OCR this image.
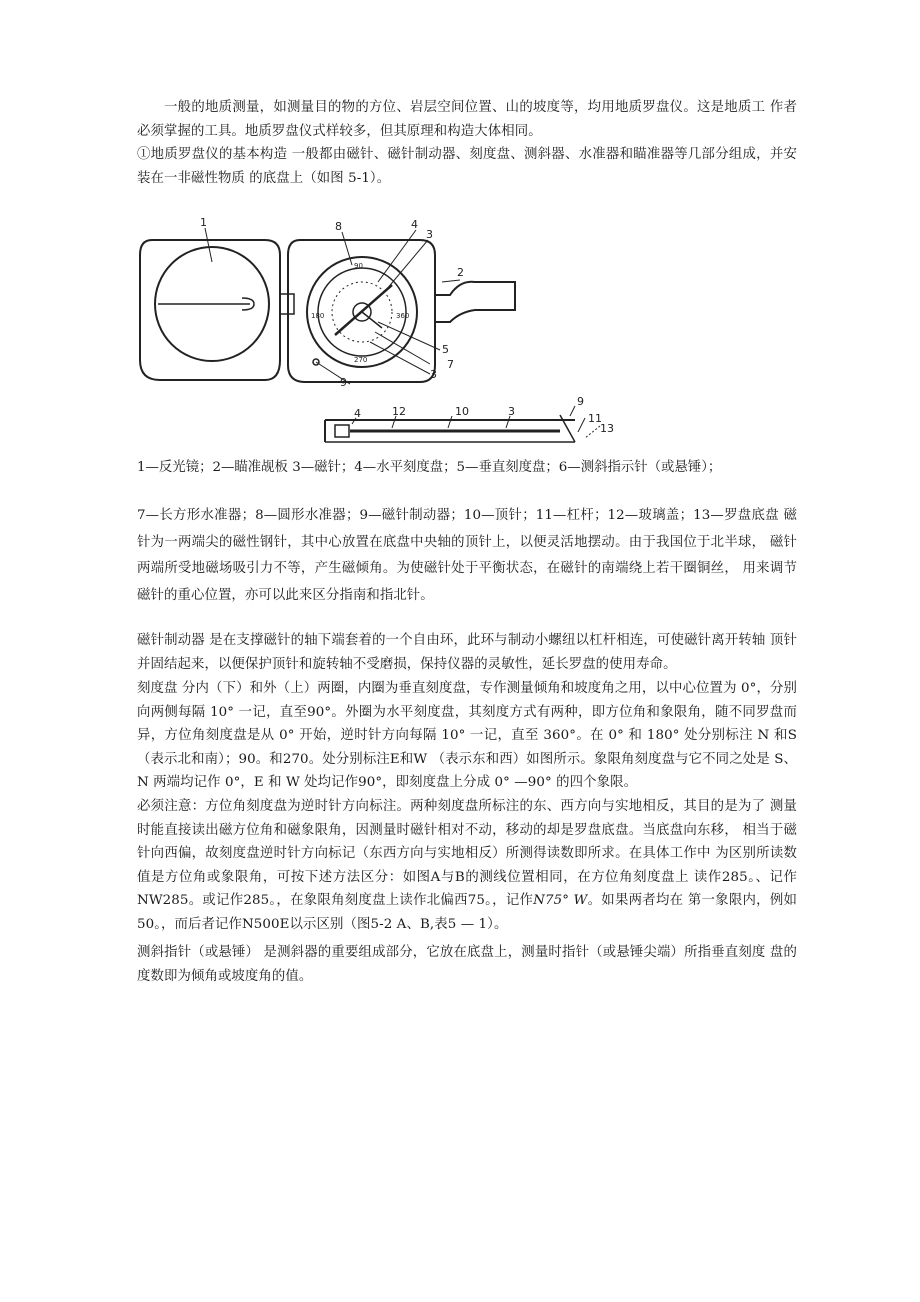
一般的地质测量，如测量目的物的方位、岩层空间位置、山的坡度等，均用地质罗盘仪。这是地质工 作者必须掌握的工具。地质罗盘仪式样较多，但其原理和构造大体相同。

①地质罗盘仪的基本构造 一般都由磁针、磁针制动器、刻度盘、测斜器、水准器和瞄准器等几部分组成，并安装在一非磁性物质 的底盘上（如图 5-1）。

1	8	4
3
2
5
7
3
9
4	12	10	3
9
11
13
90
180
270
360

1—反光镜；2—瞄准觇板 3—磁针；4—水平刻度盘；5—垂直刻度盘；6—测斜指示针（或悬锤）；

7—长方形水准器；8—圆形水准器；9—磁针制动器；10—顶针；11—杠杆；12—玻璃盖；13—罗盘底盘 磁针为一两端尖的磁性钢针，其中心放置在底盘中央轴的顶针上，以便灵活地摆动。由于我国位于北半球， 磁针两端所受地磁场吸引力不等，产生磁倾角。为使磁针处于平衡状态，在磁针的南端绕上若干圈铜丝， 用来调节磁针的重心位置，亦可以此来区分指南和指北针。

磁针制动器 是在支撑磁针的轴下端套着的一个自由环，此环与制动小螺纽以杠杆相连，可使磁针离开转轴 顶针并固结起来，以便保护顶针和旋转轴不受磨损，保持仪器的灵敏性，延长罗盘的使用寿命。

刻度盘 分内（下）和外（上）两圈，内圈为垂直刻度盘，专作测量倾角和坡度角之用，以中心位置为 0°，分别向两侧每隔 10° 一记，直至90°。外圈为水平刻度盘，其刻度方式有两种，即方位角和象限角，随不同罗盘而异，方位角刻度盘是从 0° 开始，逆时针方向每隔 10° 一记，直至 360°。在 0° 和 180° 处分别标注 N 和S （表示北和南）；90。和270。处分别标注E和W （表示东和西）如图所示。象限角刻度盘与它不同之处是 S、N 两端均记作 0°，E 和 W 处均记作90°，即刻度盘上分成 0° —90° 的四个象限。

必须注意：方位角刻度盘为逆时针方向标注。两种刻度盘所标注的东、西方向与实地相反，其目的是为了 测量时能直接读出磁方位角和磁象限角，因测量时磁针相对不动，移动的却是罗盘底盘。当底盘向东移， 相当于磁针向西偏，故刻度盘逆时针方向标记（东西方向与实地相反）所测得读数即所求。在具体工作中 为区别所读数值是方位角或象限角，可按下述方法区分：如图A与B的测线位置相同，在方位角刻度盘上 读作285。、记作NW285。或记作285。，在象限角刻度盘上读作北偏西75。，记作N75° W。如果两者均在 第一象限内，例如50。，而后者记作N500E以示区别（图5-2 A、B,表5 — 1）。

测斜指针（或悬锤） 是测斜器的重要组成部分，它放在底盘上，测量时指针（或悬锤尖端）所指垂直刻度 盘的度数即为倾角或坡度角的值。
